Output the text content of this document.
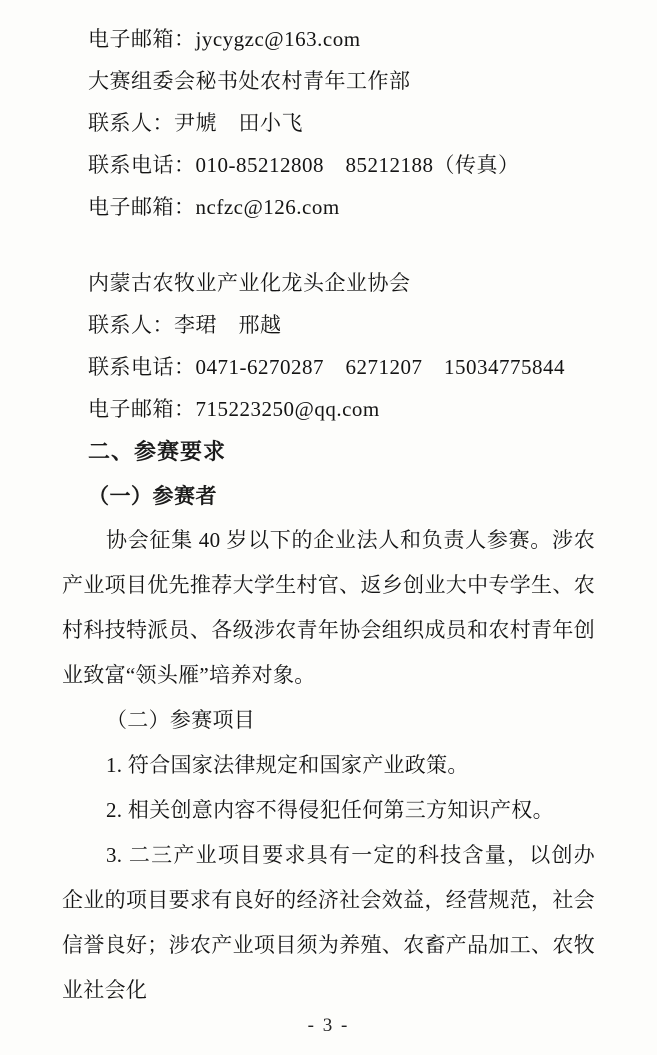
电子邮箱：jycygzc@163.com
大赛组委会秘书处农村青年工作部
联系人：尹虓　田小飞
联系电话：010-85212808　85212188（传真）
电子邮箱：ncfzc@126.com
内蒙古农牧业产业化龙头企业协会
联系人：李珺　邢越
联系电话：0471-6270287　6271207　15034775844
电子邮箱：715223250@qq.com
二、参赛要求
（一）参赛者
协会征集 40 岁以下的企业法人和负责人参赛。涉农产业项目优先推荐大学生村官、返乡创业大中专学生、农村科技特派员、各级涉农青年协会组织成员和农村青年创业致富“领头雁”培养对象。
（二）参赛项目
1. 符合国家法律规定和国家产业政策。
2. 相关创意内容不得侵犯任何第三方知识产权。
3. 二三产业项目要求具有一定的科技含量，以创办企业的项目要求有良好的经济社会效益，经营规范，社会信誉良好；涉农产业项目须为养殖、农畜产品加工、农牧业社会化
- 3 -
